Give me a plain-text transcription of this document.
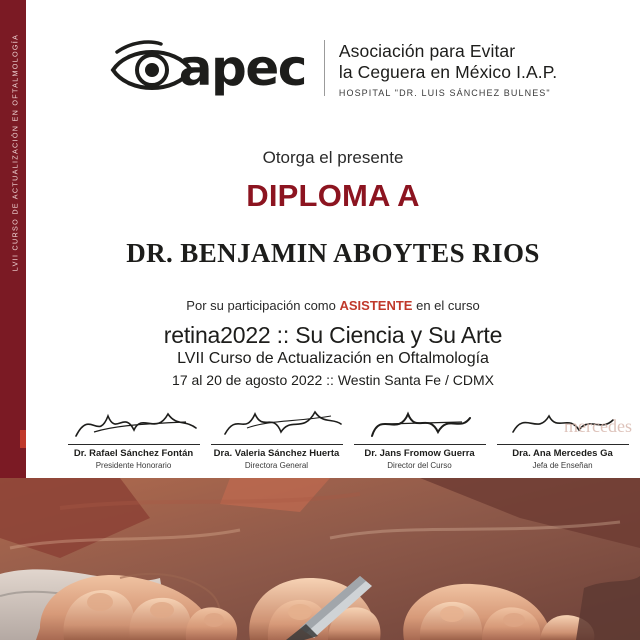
LVII CURSO DE ACTUALIZACIÓN EN OFTALMOLOGÍA	apec Asociación para Evitar
la Ceguera en México I.A.P.
HOSPITAL "DR. LUIS SÁNCHEZ BULNES"
Otorga el presente
DIPLOMA A
DR. BENJAMIN ABOYTES RIOS
Por su participación como ASISTENTE en el curso
retina2022 :: Su Ciencia y Su Arte
LVII Curso de Actualización en Oftalmología
17 al 20 de agosto 2022 :: Westin Santa Fe / CDMX
Dr. Rafael Sánchez Fontán
Presidente Honorario
Dra. Valeria Sánchez Huerta
Directora General
Dr. Jans Fromow Guerra
Director del Curso
mercedes
Dra. Ana Mercedes Ga
Jefa de Enseñan
